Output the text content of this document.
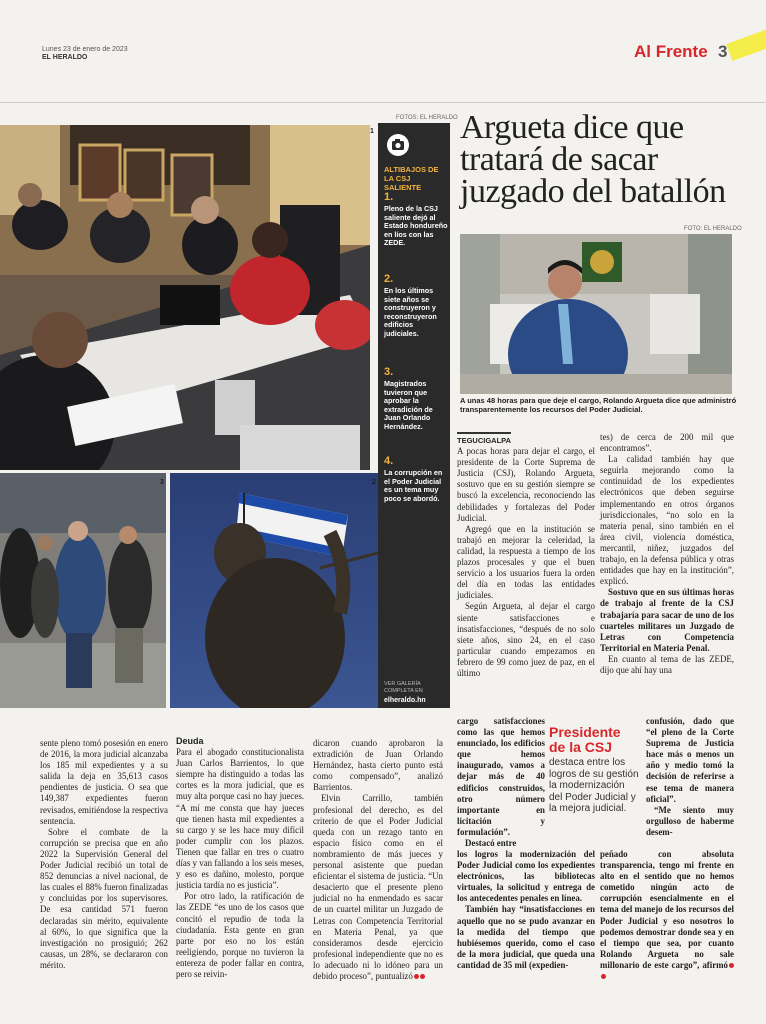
Lunes 23 de enero de 2023
EL HERALDO	Al Frente 3
FOTOS: EL HERALDO
FOTO: EL HERALDO
1
3	2
ALTIBAJOS DE LA CSJ SALIENTE
1.
Pleno de la CSJ saliente dejó al Estado hondureño en líos con las ZEDE.
2.
En los últimos siete años se construyeron y reconstruyeron edificios judiciales.
3.
Magistrados tuvieron que aprobar la extradición de Juan Orlando Hernández.
4.
La corrupción en el Poder Judicial es un tema muy poco se abordó.
VER GALERÍA COMPLETA EN
elheraldo.hn
Argueta dice que tratará de sacar juzgado del batallón
A unas 48 horas para que deje el cargo, Rolando Argueta dice que administró transparentemente los recursos del Poder Judicial.

sente pleno tomó posesión en enero de 2016, la mora judicial alcanzaba los 185 mil expedientes y a su salida la deja en 35,613 casos pendientes de justicia. O sea que 149,387 expedientes fueron revisados, emitiéndose la respectiva sentencia.

Sobre el combate de la corrupción se precisa que en año 2022 la Supervisión General del Poder Judicial recibió un total de 852 denuncias a nivel nacional, de las cuales el 88% fueron finalizadas y concluidas por los supervisores. De esa cantidad 571 fueron declaradas sin mérito, equivalente al 60%, lo que significa que la investigación no prosiguió; 262 causas, un 28%, se declararon con mérito.

Deuda

Para el abogado constitucionalista Juan Carlos Barrientos, lo que siempre ha distinguido a todas las cortes es la mora judicial, que es muy alta porque casi no hay jueces. “A mí me consta que hay jueces que tienen hasta mil expedientes a su cargo y se les hace muy difícil poder cumplir con los plazos. Tienen que fallar en tres o cuatro días y van fallando a los seis meses, y eso es dañino, molesto, porque justicia tardía no es justicia”.

Por otro lado, la ratificación de las ZEDE “es uno de los casos que concitó el repudio de toda la ciudadanía. Esta gente en gran parte por eso no los están reeligiendo, porque no tuvieron la entereza de poder fallar en contra, pero se reivin-

dicaron cuando aprobaron la extradición de Juan Orlando Hernández, hasta cierto punto está como compensado”, analizó Barrientos.

Elvin Carrillo, también profesional del derecho, es del criterio de que el Poder Judicial queda con un rezago tanto en espacio físico como en el nombramiento de más jueces y personal asistente que puedan eficientar el sistema de justicia. “Un desacierto que el presente pleno judicial no ha enmendado es sacar de un cuartel militar un Juzgado de Letras con Competencia Territorial en Materia Penal, ya que consideramos desde ejercicio profesional independiente que no es lo adecuado ni lo idóneo para un debido proceso”, puntualizó

TEGUCIGALPA

A pocas horas para dejar el cargo, el presidente de la Corte Suprema de Justicia (CSJ), Rolando Argueta, sostuvo que en su gestión siempre se buscó la excelencia, reconociendo las debilidades y fortalezas del Poder Judicial.

Agregó que en la institución se trabajó en mejorar la celeridad, la calidad, la respuesta a tiempo de los plazos procesales y que el buen servicio a los usuarios fuera la orden del día en todas las entidades judiciales.

Según Argueta, al dejar el cargo siente satisfacciones e insatisfacciones, “después de no solo siete años, sino 24, en el caso particular cuando empezamos en febrero de 99 como juez de paz, en el último

cargo satisfacciones como las que hemos enunciado, los edificios que hemos inaugurado, vamos a dejar más de 40 edificios construidos, otro número importante en licitación y formulación”.

Destacó entre

los logros la modernización del Poder Judicial como los expedientes electrónicos, las bibliotecas virtuales, la solicitud y entrega de los antecedentes penales en línea.

También hay “insatisfacciones en aquello que no se pudo avanzar en la medida del tiempo que hubiésemos querido, como el caso de la mora judicial, que queda una cantidad de 35 mil (expedien-

Presidente de la CSJ
destaca entre los logros de su gestión la modernización del Poder Judicial y la mejora judicial.

tes) de cerca de 200 mil que encontramos”.

La calidad también hay que seguirla mejorando como la continuidad de los expedientes electrónicos que deben seguirse implementando en otros órganos jurisdiccionales, “no solo en la materia penal, sino también en el área civil, violencia doméstica, mercantil, niñez, juzgados del trabajo, en la defensa pública y otras entidades que hay en la institución”, explicó.

Sostuvo que en sus últimas horas de trabajo al frente de la CSJ trabajaría para sacar de uno de los cuarteles militares un Juzgado de Letras con Competencia Territorial en Materia Penal.

En cuanto al tema de las ZEDE, dijo que ahí hay una

confusión, dado que “el pleno de la Corte Suprema de Justicia hace más o menos un año y medio tomó la decisión de referirse a ese tema de manera oficial”.

“Me siento muy orgulloso de haberme desem-

peñado con absoluta transparencia, tengo mi frente en alto en el sentido que no hemos cometido ningún acto de corrupción esencialmente en el tema del manejo de los recursos del Poder Judicial y eso nosotros lo podemos demostrar donde sea y en el tiempo que sea, por cuanto Rolando Argueta no sale millonario de este cargo”, afirmó
